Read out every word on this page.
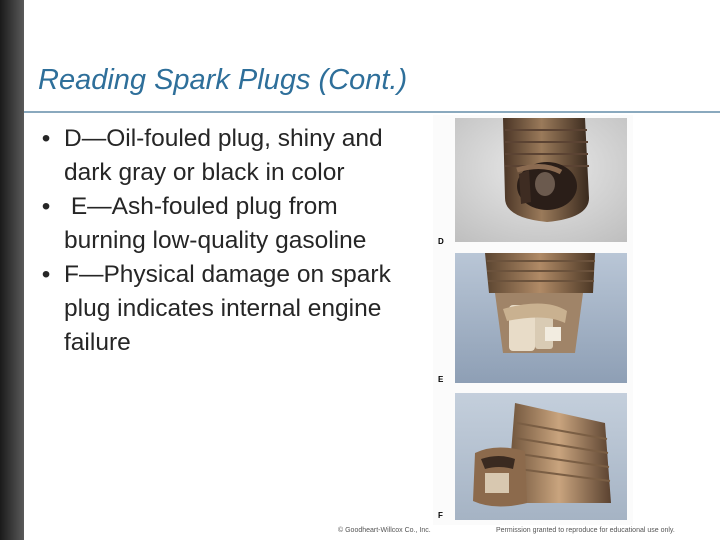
Reading Spark Plugs (Cont.)
• D—Oil-fouled plug, shiny and dark gray or black in color
• E—Ash-fouled plug from burning low-quality gasoline
• F—Physical damage on spark plug indicates internal engine failure
D
E
F
© Goodheart-Willcox Co., Inc.	Permission granted to reproduce for educational use only.
